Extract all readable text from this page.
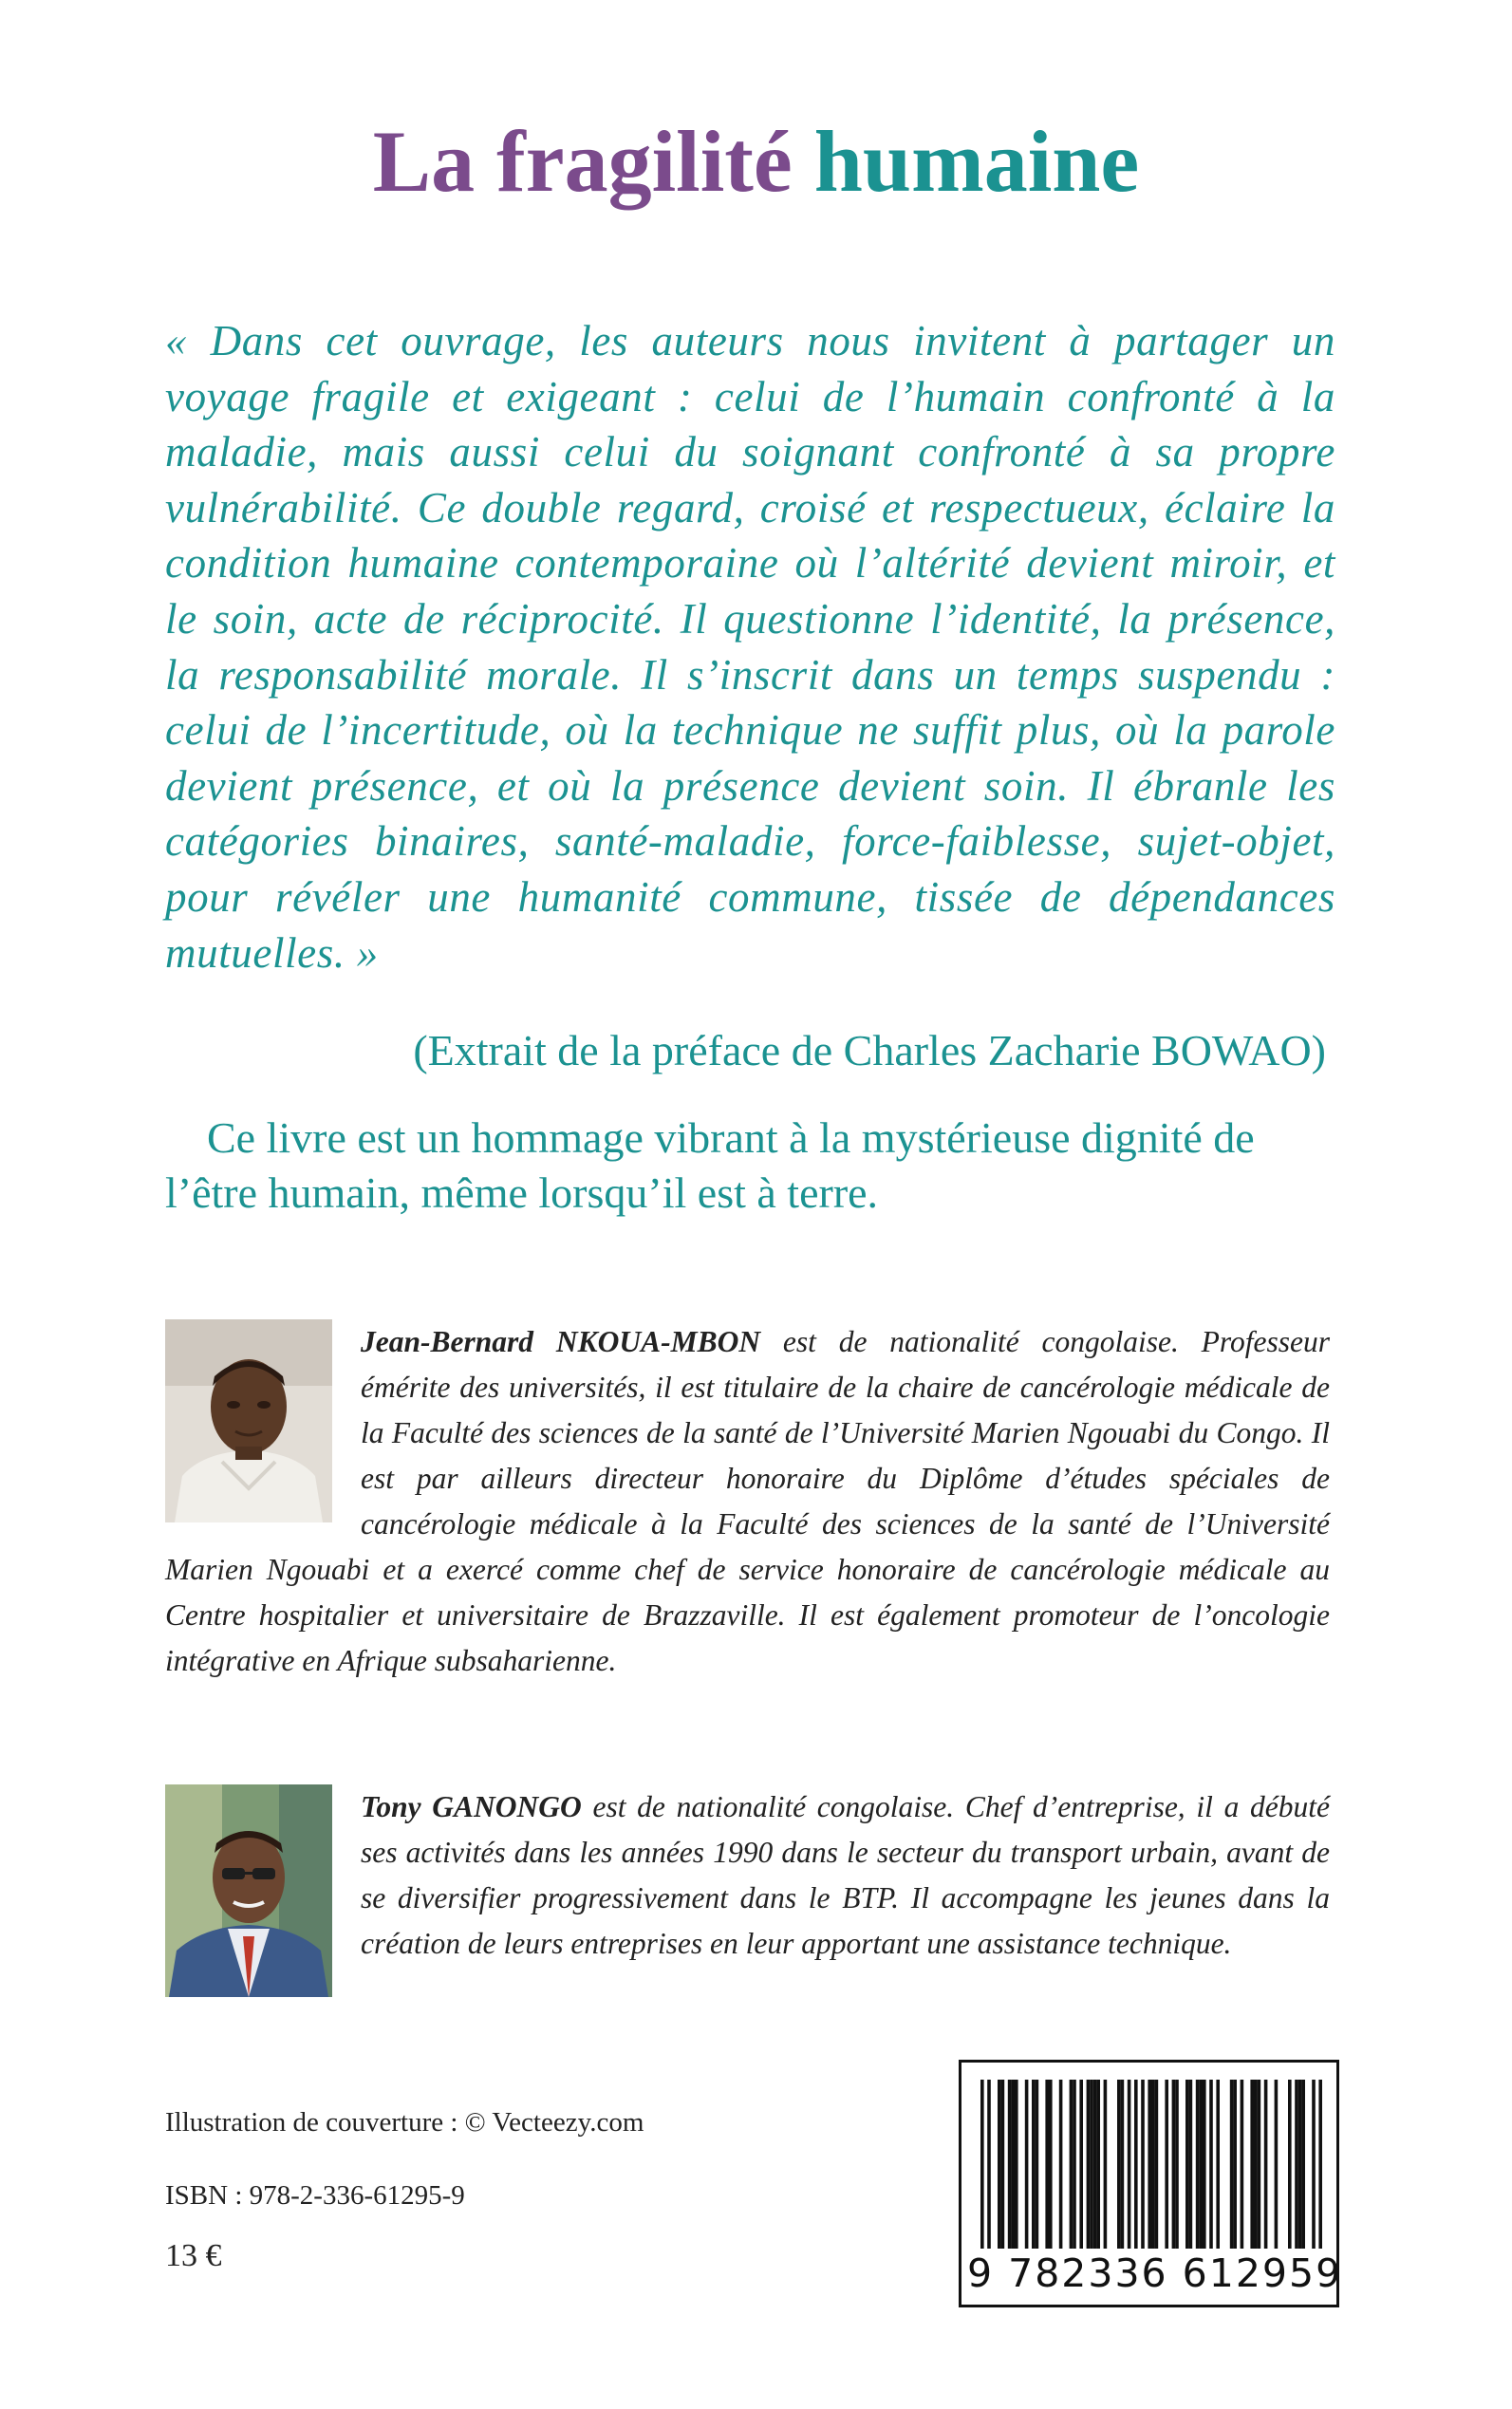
La fragilité humaine

« Dans cet ouvrage, les auteurs nous invitent à partager un voyage fragile et exigeant : celui de l’humain confronté à la maladie, mais aussi celui du soignant confronté à sa propre vulnérabilité. Ce double regard, croisé et respectueux, éclaire la condition humaine contemporaine où l’altérité devient miroir, et le soin, acte de réciprocité. Il questionne l’identité, la présence, la responsabilité morale. Il s’inscrit dans un temps suspendu : celui de l’incertitude, où la technique ne suffit plus, où la parole devient présence, et où la présence devient soin. Il ébranle les catégories binaires, santé-maladie, force-faiblesse, sujet-objet, pour révéler une humanité commune, tissée de dépendances mutuelles. »

(Extrait de la préface de Charles Zacharie BOWAO)

Ce livre est un hommage vibrant à la mystérieuse dignité de l’être humain, même lorsqu’il est à terre.

Jean-Bernard NKOUA-MBON est de nationalité congolaise. Professeur émérite des universités, il est titulaire de la chaire de cancérologie médicale de la Faculté des sciences de la santé de l’Université Marien Ngouabi du Congo. Il est par ailleurs directeur honoraire du Diplôme d’études spéciales de cancérologie médicale à la Faculté des sciences de la santé de l’Université Marien Ngouabi et a exercé comme chef de service honoraire de cancérologie médicale au Centre hospitalier et universitaire de Brazzaville. Il est également promoteur de l’oncologie intégrative en Afrique subsaharienne.
Tony GANONGO est de nationalité congolaise. Chef d’entreprise, il a débuté ses activités dans les années 1990 dans le secteur du transport urbain, avant de se diversifier progressivement dans le BTP. Il accompagne les jeunes dans la création de leurs entreprises en leur apportant une assistance technique.

Illustration de couverture : © Vecteezy.com

ISBN : 978-2-336-61295-9

13 €	9 782336 612959
